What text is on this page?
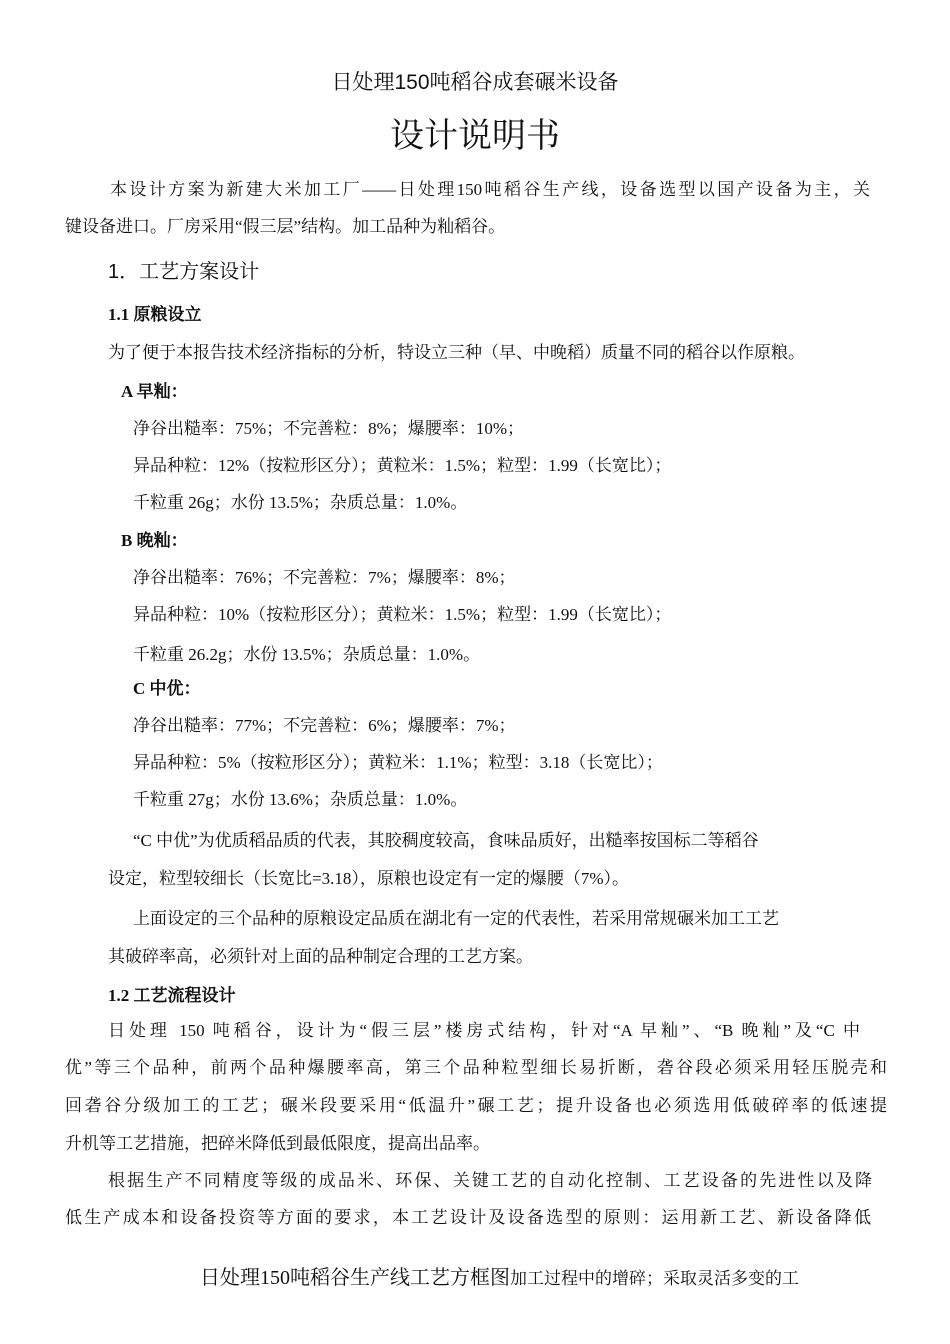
日处理150吨稻谷成套碾米设备
设计说明书
本设计方案为新建大米加工厂——日处理150吨稻谷生产线，设备选型以国产设备为主，关
键设备进口。厂房采用“假三层”结构。加工品种为籼稻谷。
1．工艺方案设计
1.1 原粮设立
为了便于本报告技术经济指标的分析，特设立三种（早、中晚稻）质量不同的稻谷以作原粮。
A 早籼：
净谷出糙率：75%；不完善粒：8%；爆腰率：10%；
异品种粒：12%（按粒形区分）；黄粒米：1.5%；粒型：1.99（长宽比）；
千粒重 26g；水份 13.5%；杂质总量：1.0%。
B 晚籼：
净谷出糙率：76%；不完善粒：7%；爆腰率：8%；
异品种粒：10%（按粒形区分）；黄粒米：1.5%；粒型：1.99（长宽比）；
千粒重 26.2g；水份 13.5%；杂质总量：1.0%。
C 中优：
净谷出糙率：77%；不完善粒：6%；爆腰率：7%；
异品种粒：5%（按粒形区分）；黄粒米：1.1%；粒型：3.18（长宽比）；
千粒重 27g；水份 13.6%；杂质总量：1.0%。
“C 中优”为优质稻品质的代表，其胶稠度较高，食味品质好，出糙率按国标二等稻谷
设定，粒型较细长（长宽比=3.18），原粮也设定有一定的爆腰（7%）。
上面设定的三个品种的原粮设定品质在湖北有一定的代表性，若采用常规碾米加工工艺
其破碎率高，必须针对上面的品种制定合理的工艺方案。
1.2 工艺流程设计
日处理 150 吨稻谷，设计为“假三层”楼房式结构，针对“A 早籼”、“B 晚籼”及“C 中
优”等三个品种，前两个品种爆腰率高，第三个品种粒型细长易折断，砻谷段必须采用轻压脱壳和
回砻谷分级加工的工艺；碾米段要采用“低温升”碾工艺；提升设备也必须选用低破碎率的低速提
升机等工艺措施，把碎米降低到最低限度，提高出品率。
根据生产不同精度等级的成品米、环保、关键工艺的自动化控制、工艺设备的先进性以及降
低生产成本和设备投资等方面的要求，本工艺设计及设备选型的原则：运用新工艺、新设备降低
日处理150吨稻谷生产线工艺方框图加工过程中的增碎；采取灵活多变的工
